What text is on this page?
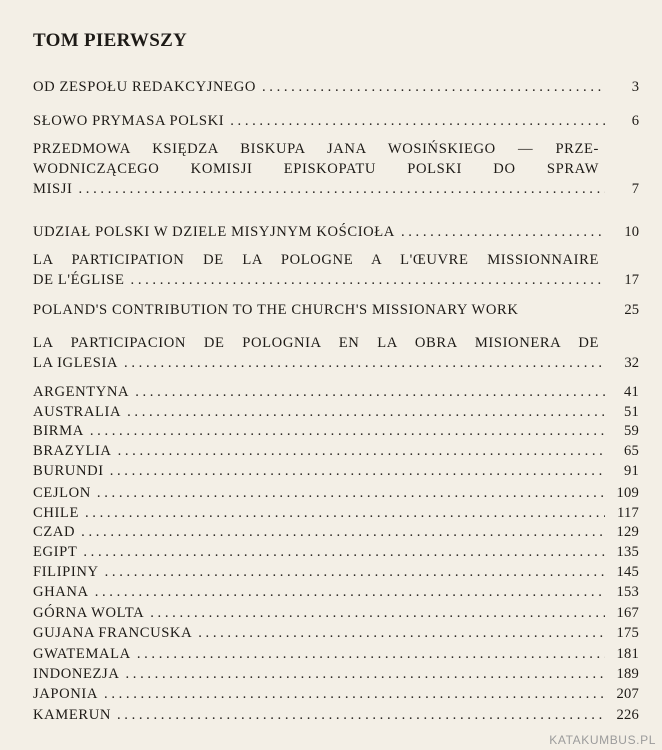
TOM PIERWSZY
OD ZESPOŁU REDAKCYJNEGO . . .	3
SŁOWO PRYMASA POLSKI . . .	6
PRZEDMOWA KSIĘDZA BISKUPA JANA WOSIŃSKIEGO — PRZE-
WODNICZĄCEGO KOMISJI EPISKOPATU POLSKI DO SPRAW
MISJI . . .	7
UDZIAŁ POLSKI W DZIELE MISYJNYM KOŚCIOŁA . . .	10
LA PARTICIPATION DE LA POLOGNE A L'ŒUVRE MISSIONNAIRE
DE L'ÉGLISE . . .	17
POLAND'S CONTRIBUTION TO THE CHURCH'S MISSIONARY WORK	25
LA PARTICIPACION DE POLOGNIA EN LA OBRA MISIONERA DE
LA IGLESIA . . .	32
ARGENTYNA . . .	41
AUSTRALIA . . .	51
BIRMA . . .	59
BRAZYLIA . . .	65
BURUNDI . . .	91
CEJLON . . .	109
CHILE . . .	117
CZAD . . .	129
EGIPT . . .	135
FILIPINY . . .	145
GHANA . . .	153
GÓRNA WOLTA . . .	167
GUJANA FRANCUSKA . . .	175
GWATEMALA . . .	181
INDONEZJA . . .	189
JAPONIA . . .	207
KAMERUN . . .	226
KATAKUMBUS.PL
